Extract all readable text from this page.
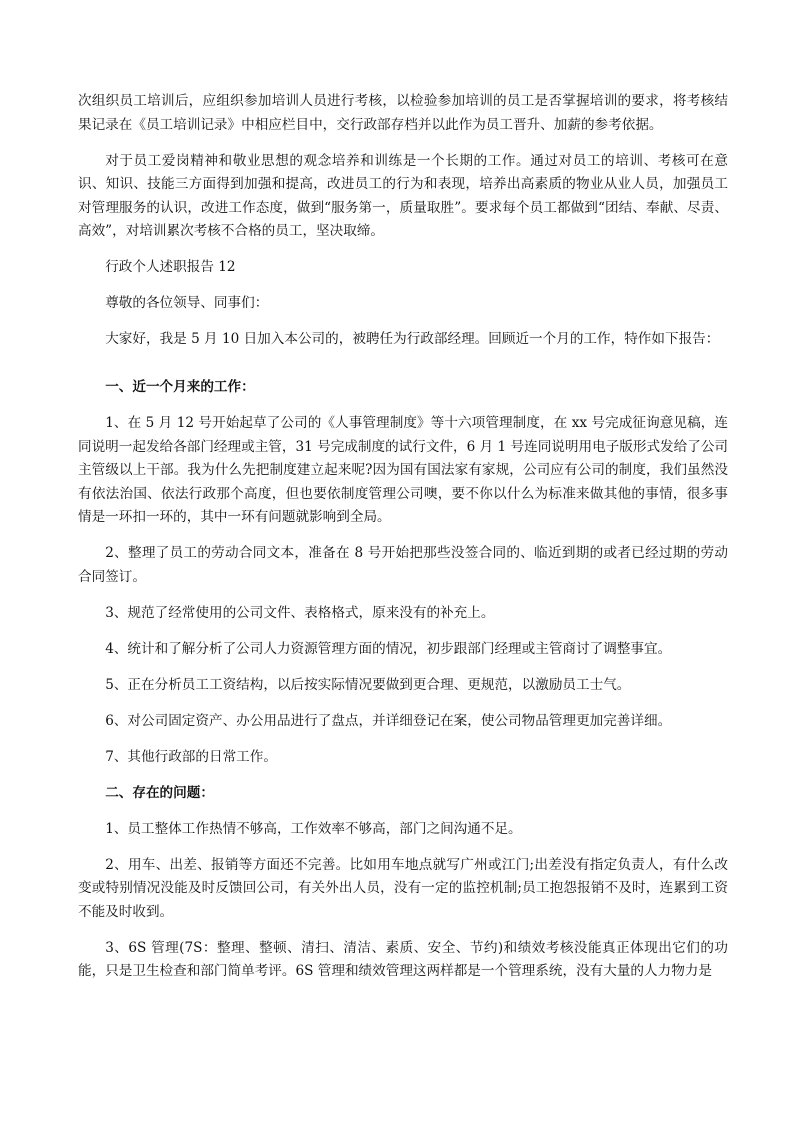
次组织员工培训后，应组织参加培训人员进行考核，以检验参加培训的员工是否掌握培训的要求，将考核结果记录在《员工培训记录》中相应栏目中，交行政部存档并以此作为员工晋升、加薪的参考依据。

对于员工爱岗精神和敬业思想的观念培养和训练是一个长期的工作。通过对员工的培训、考核可在意识、知识、技能三方面得到加强和提高，改进员工的行为和表现，培养出高素质的物业从业人员，加强员工对管理服务的认识，改进工作态度，做到“服务第一，质量取胜”。要求每个员工都做到“团结、奉献、尽责、高效”，对培训累次考核不合格的员工，坚决取缔。

行政个人述职报告 12

尊敬的各位领导、同事们：

大家好，我是 5 月 10 日加入本公司的，被聘任为行政部经理。回顾近一个月的工作，特作如下报告：

一、近一个月来的工作：

1、在 5 月 12 号开始起草了公司的《人事管理制度》等十六项管理制度，在 xx 号完成征询意见稿，连同说明一起发给各部门经理或主管，31 号完成制度的试行文件，6 月 1 号连同说明用电子版形式发给了公司主管级以上干部。我为什么先把制度建立起来呢?因为国有国法家有家规，公司应有公司的制度，我们虽然没有依法治国、依法行政那个高度，但也要依制度管理公司噢，要不你以什么为标准来做其他的事情，很多事情是一环扣一环的，其中一环有问题就影响到全局。

2、整理了员工的劳动合同文本，准备在 8 号开始把那些没签合同的、临近到期的或者已经过期的劳动合同签订。

3、规范了经常使用的公司文件、表格格式，原来没有的补充上。

4、统计和了解分析了公司人力资源管理方面的情况，初步跟部门经理或主管商讨了调整事宜。

5、正在分析员工工资结构，以后按实际情况要做到更合理、更规范，以激励员工士气。

6、对公司固定资产、办公用品进行了盘点，并详细登记在案，使公司物品管理更加完善详细。

7、其他行政部的日常工作。

二、存在的问题：

1、员工整体工作热情不够高，工作效率不够高，部门之间沟通不足。

2、用车、出差、报销等方面还不完善。比如用车地点就写广州或江门;出差没有指定负责人，有什么改变或特别情况没能及时反馈回公司，有关外出人员，没有一定的监控机制;员工抱怨报销不及时，连累到工资不能及时收到。

3、6S 管理(7S：整理、整顿、清扫、清洁、素质、安全、节约)和绩效考核没能真正体现出它们的功能，只是卫生检查和部门简单考评。6S 管理和绩效管理这两样都是一个管理系统，没有大量的人力物力是
